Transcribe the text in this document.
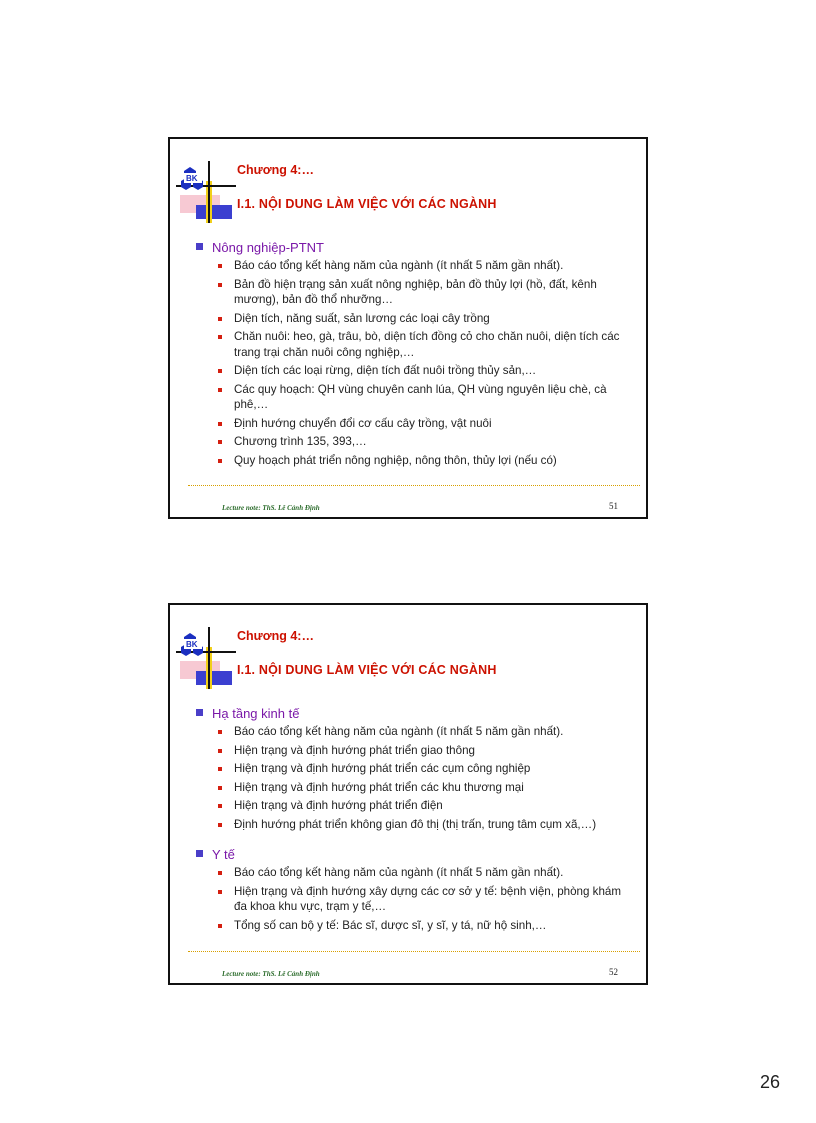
BK
Chương 4:…
I.1. NỘI DUNG LÀM VIỆC VỚI CÁC NGÀNH
Nông nghiệp-PTNT
Báo cáo tổng kết hàng năm của ngành (ít nhất 5 năm gần nhất).
Bản đồ hiện trạng sản xuất nông nghiệp, bản đồ thủy lợi (hồ, đất, kênh mương), bản đồ thổ nhưỡng…
Diện tích, năng suất, sản lương các loại cây trồng
Chăn nuôi: heo, gà, trâu, bò, diện tích đồng cỏ cho chăn nuôi, diện tích các trang trại chăn nuôi công nghiệp,…
Diện tích các loại rừng, diện tích đất nuôi trồng thủy sản,…
Các quy hoạch: QH vùng chuyên canh lúa, QH vùng nguyên liệu chè, cà phê,…
Định hướng chuyển đổi cơ cấu cây trồng, vật nuôi
Chương trình 135, 393,…
Quy hoạch phát triển nông nghiệp, nông thôn, thủy lợi (nếu có)
Lecture note: ThS. Lê Cảnh Định	51
BK
Chương 4:…
I.1. NỘI DUNG LÀM VIỆC VỚI CÁC NGÀNH
Hạ tầng kinh tế
Báo cáo tổng kết hàng năm của ngành (ít nhất 5 năm gần nhất).
Hiện trạng và định hướng phát triển giao thông
Hiện trạng và định hướng phát triển các cụm công nghiệp
Hiện trạng và định hướng phát triển các khu thương mại
Hiện trạng và định hướng phát triển điện
Định hướng phát triển không gian đô thị (thị trấn, trung tâm cụm xã,…)
Y tế
Báo cáo tổng kết hàng năm của ngành (ít nhất 5 năm gần nhất).
Hiện trạng và định hướng xây dựng các cơ sở y tế: bệnh viện, phòng khám đa khoa khu vực, trạm y tế,…
Tổng số can bộ y tế: Bác sĩ, dược sĩ, y sĩ, y tá, nữ hộ sinh,…
Lecture note: ThS. Lê Cảnh Định	52
26
